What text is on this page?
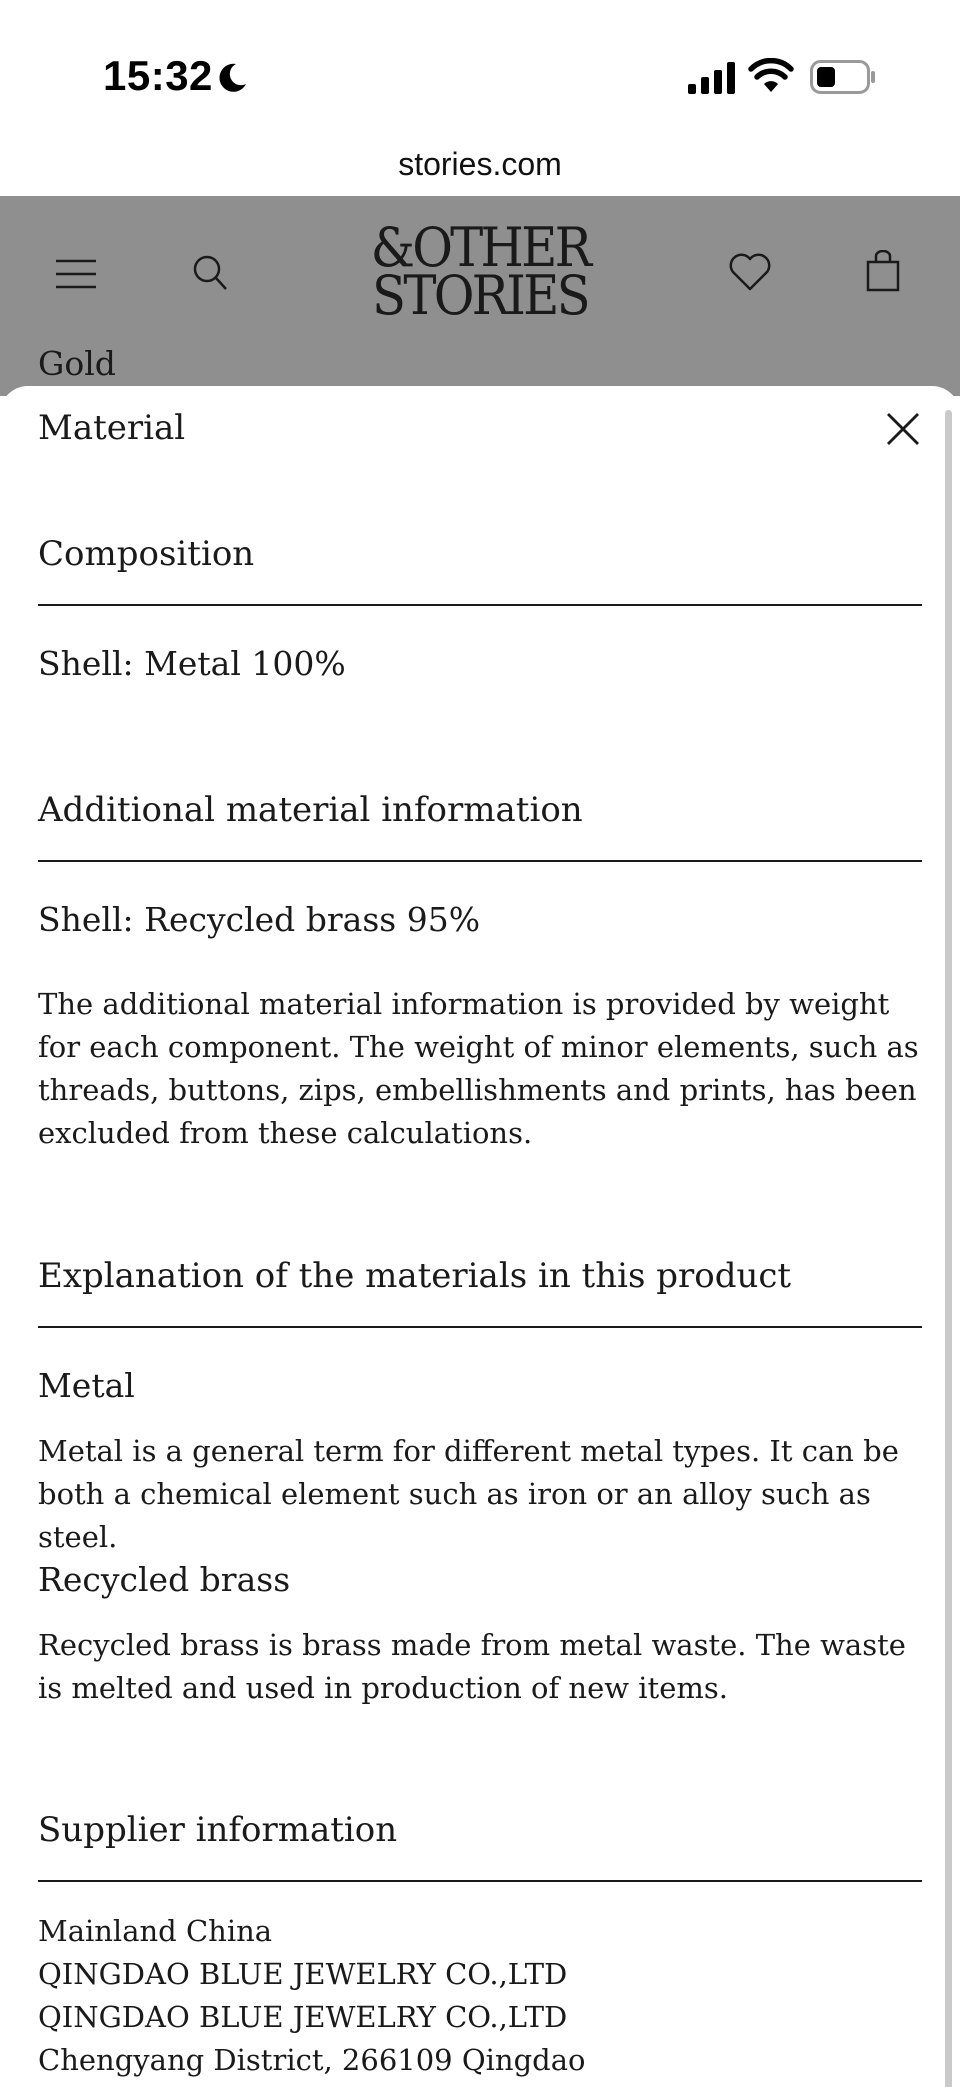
15:32
stories.com
&OTHER
STORIES
Gold
Material
Composition
Shell: Metal 100%
Additional material information
Shell: Recycled brass 95%
The additional material information is provided by weight for each component. The weight of minor elements, such as threads, buttons, zips, embellishments and prints, has been excluded from these calculations.
Explanation of the materials in this product
Metal
Metal is a general term for different metal types. It can be both a chemical element such as iron or an alloy such as steel.
Recycled brass
Recycled brass is brass made from metal waste. The waste is melted and used in production of new items.
Supplier information
Mainland China
QINGDAO BLUE JEWELRY CO.,LTD
QINGDAO BLUE JEWELRY CO.,LTD
Chengyang District, 266109 Qingdao
